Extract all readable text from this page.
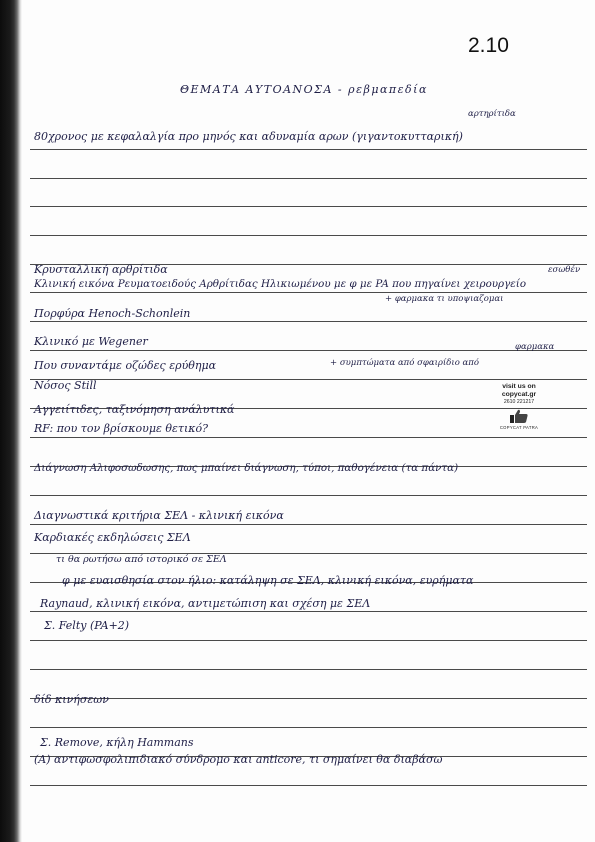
2.10
ΘΕΜΑΤΑ ΑΥΤΟΑΝΟΣΑ - ρεβμαπεδία
αρτηρίτιδα
80χρονος με κεφαλαλγία προ μηνός και αδυναμία αρων (γιγαντοκυτταρική)
Κρυσταλλική αρθρίτιδα	εσωθέν
Κλινική εικόνα Ρευματοειδούς Αρθρίτιδας Ηλικιωμένου με φ με PA που πηγαίνει χειρουργείο
+ φαρμακα τι υποψιαζομαι
Πορφύρα Henoch-Schonlein
Κλινικό με Wegener	φαρμακα
Που συναντάμε οζώδες ερύθημα	+ συμπτώματα από σφαιρίδιο από
Νόσος Still
Αγγειίτιδες, ταξινόμηση ανάλυτικά
RF: που τον βρίσκουμε θετικό?
Διάγνωση Αλιφοσωδωσης, πως μπαίνει διάγνωση, τύποι, παθογένεια (τα πάντα)
Διαγνωστικά κριτήρια ΣΕΛ - κλινική εικόνα
Καρδιακές εκδηλώσεις ΣΕΛ
τι θα ρωτήσω από ιστορικό σε ΣΕΛ
φ με ευαισθησία στον ήλιο: κατάληψη σε ΣΕΛ, κλινική εικόνα, ευρήματα
Raynaud, κλινική εικόνα, αντιμετώπιση και σχέση με ΣΕΛ
Σ. Felty (PA+2)
δίδ κινήσεων
Σ. Remove, κήλη Hammans
(Α) αντιφωσφολιπιδιακό σύνδρομο και anticore, τι σημαίνει θα διαβάσω
visit us on
copycat.gr
2610 221217
COPYCAT PATRA
